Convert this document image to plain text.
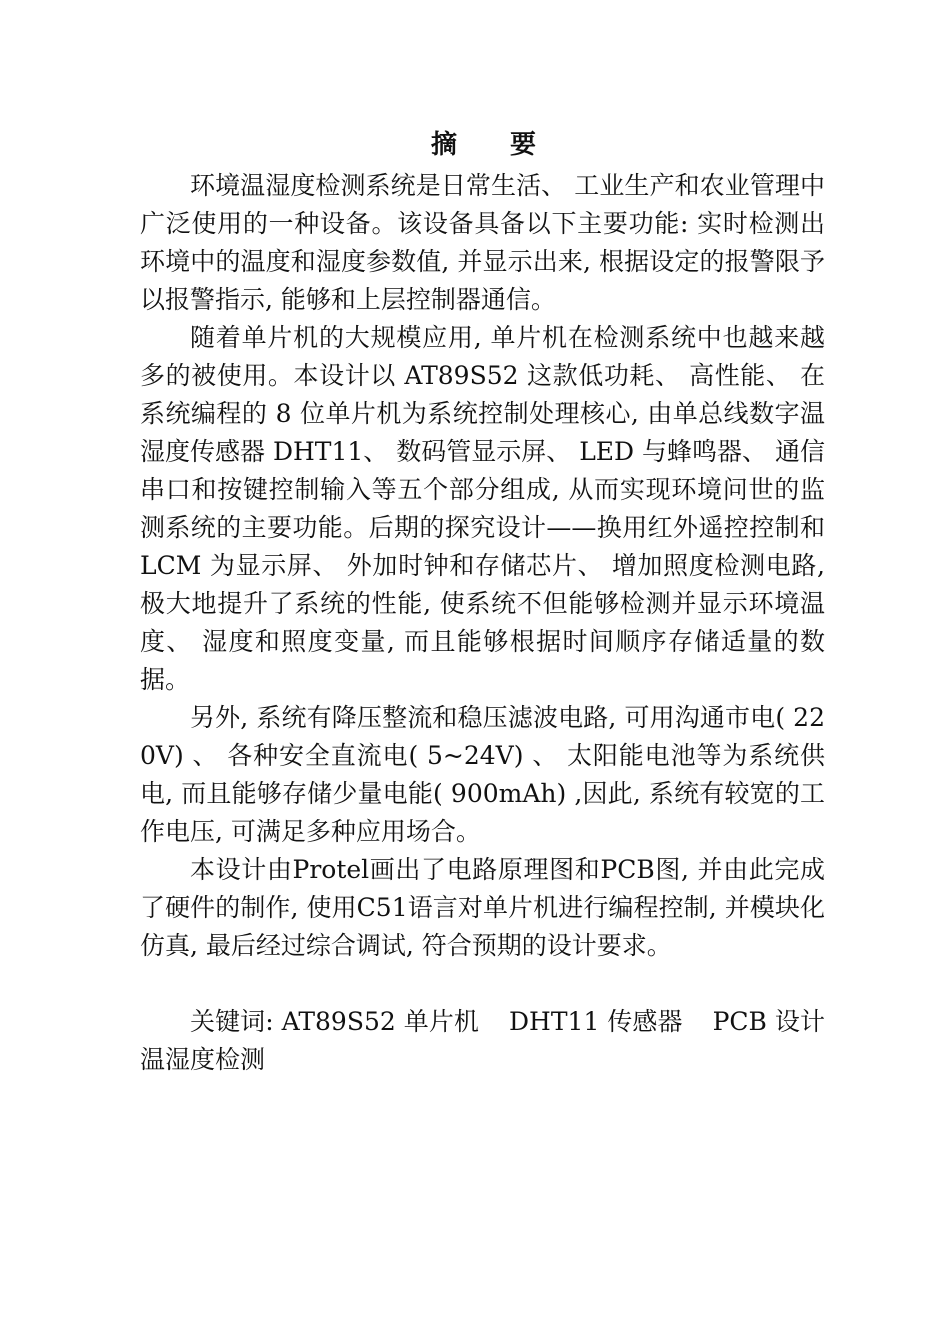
摘 要

环境温湿度检测系统是日常生活、 工业生产和农业管理中广泛使用的一种设备。该设备具备以下主要功能: 实时检测出环境中的温度和湿度参数值, 并显示出来, 根据设定的报警限予以报警指示, 能够和上层控制器通信。

随着单片机的大规模应用, 单片机在检测系统中也越来越多的被使用。本设计以 AT89S52 这款低功耗、 高性能、 在系统编程的 8 位单片机为系统控制处理核心, 由单总线数字温湿度传感器 DHT11、 数码管显示屏、 LED 与蜂鸣器、 通信串口和按键控制输入等五个部分组成, 从而实现环境问世的监测系统的主要功能。后期的探究设计——换用红外遥控控制和 LCM 为显示屏、 外加时钟和存储芯片、 增加照度检测电路, 极大地提升了系统的性能, 使系统不但能够检测并显示环境温度、 湿度和照度变量, 而且能够根据时间顺序存储适量的数据。

另外, 系统有降压整流和稳压滤波电路, 可用沟通市电( 220V) 、 各种安全直流电( 5~24V) 、 太阳能电池等为系统供电, 而且能够存储少量电能( 900mAh) ,因此, 系统有较宽的工作电压, 可满足多种应用场合。

本设计由Protel画出了电路原理图和PCB图, 并由此完成了硬件的制作, 使用C51语言对单片机进行编程控制, 并模块化仿真, 最后经过综合调试, 符合预期的设计要求。

关键词: AT89S52 单片机 DHT11 传感器 PCB 设计 温湿度检测
